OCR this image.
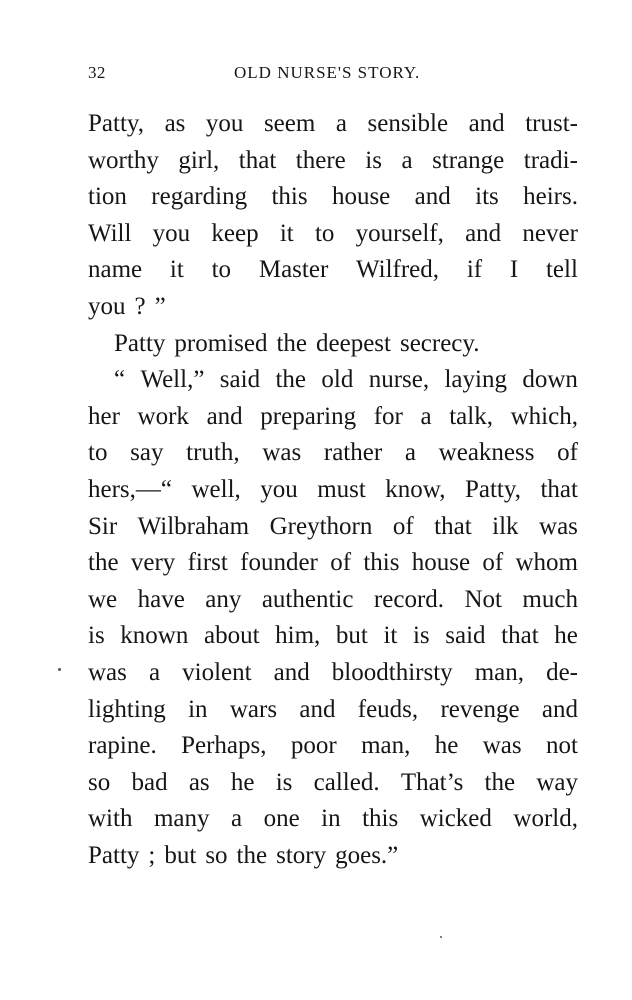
32	OLD NURSE'S STORY.
Patty, as you seem a sensible and trust-
worthy girl, that there is a strange tradi-
tion regarding this house and its heirs.
Will you keep it to yourself, and never
name it to Master Wilfred, if I tell
you ? ”
Patty promised the deepest secrecy.
“ Well,” said the old nurse, laying down
her work and preparing for a talk, which,
to say truth, was rather a weakness of
hers,—“ well, you must know, Patty, that
Sir Wilbraham Greythorn of that ilk was
the very first founder of this house of whom
we have any authentic record. Not much
is known about him, but it is said that he
was a violent and bloodthirsty man, de-
lighting in wars and feuds, revenge and
rapine. Perhaps, poor man, he was not
so bad as he is called. That’s the way
with many a one in this wicked world,
Patty ; but so the story goes.”
